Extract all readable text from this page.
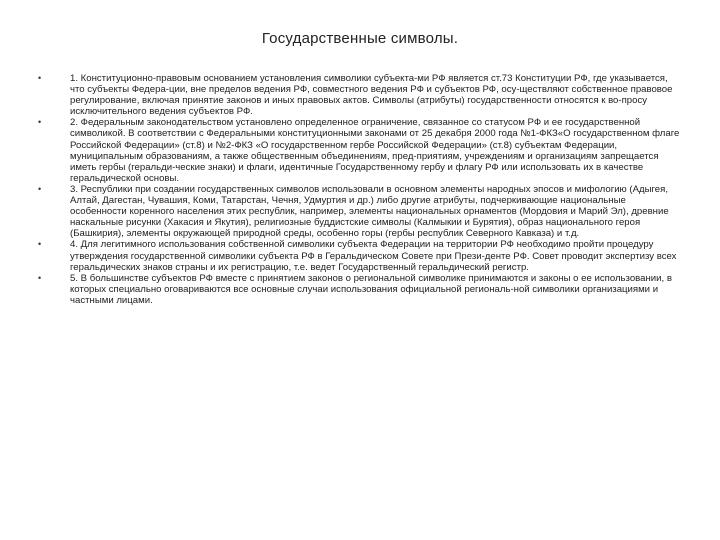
Государственные символы.
•	1. Конституционно-правовым основанием установления символики субъекта-ми РФ является ст.73 Конституции РФ, где указывается, что субъекты Федера-ции, вне пределов ведения РФ, совместного ведения РФ и субъектов РФ, осу-ществляют собственное правовое регулирование, включая принятие законов и иных правовых актов. Символы (атрибуты) государственности относятся к во-просу исключительного ведения субъектов РФ.
•	2. Федеральным законодательством установлено определенное ограничение, связанное со статусом РФ и ее государственной символикой. В соответствии с Федеральными конституционными законами от 25 декабря 2000 года №1-ФКЗ«О государственном флаге Российской Федерации» (ст.8) и №2-ФКЗ «О государственном гербе Российской Федерации» (ст.8) субъектам Федерации, муниципальным образованиям, а также общественным объединениям, пред-приятиям, учреждениям и организациям запрещается иметь гербы (геральди-ческие знаки) и флаги, идентичные Государственному гербу и флагу РФ или использовать их в качестве геральдической основы.
•	3. Республики при создании государственных символов использовали в основном элементы народных эпосов и мифологию (Адыгея, Алтай, Дагестан, Чувашия, Коми, Татарстан, Чечня, Удмуртия и др.) либо другие атрибуты, подчеркивающие национальные особенности коренного населения этих республик, например, элементы национальных орнаментов (Мордовия и Марий Эл), древние наскальные рисунки (Хакасия и Якутия), религиозные буддистские символы (Калмыкии и Бурятия), образ национального героя (Башкирия), элементы окружающей природной среды, особенно горы (гербы республик Северного Кавказа) и т.д.
•	4. Для легитимного использования собственной символики субъекта Федерации на территории РФ необходимо пройти процедуру утверждения государственной символики субъекта РФ в Геральдическом Совете при Прези-денте РФ. Совет проводит экспертизу всех геральдических знаков страны и их регистрацию, т.е. ведет Государственный геральдический регистр.
•	5. В большинстве субъектов РФ вместе с принятием законов о региональной символике принимаются и законы о ее использовании, в которых специально оговариваются все основные случаи использования официальной региональ-ной символики организациями и частными лицами.
